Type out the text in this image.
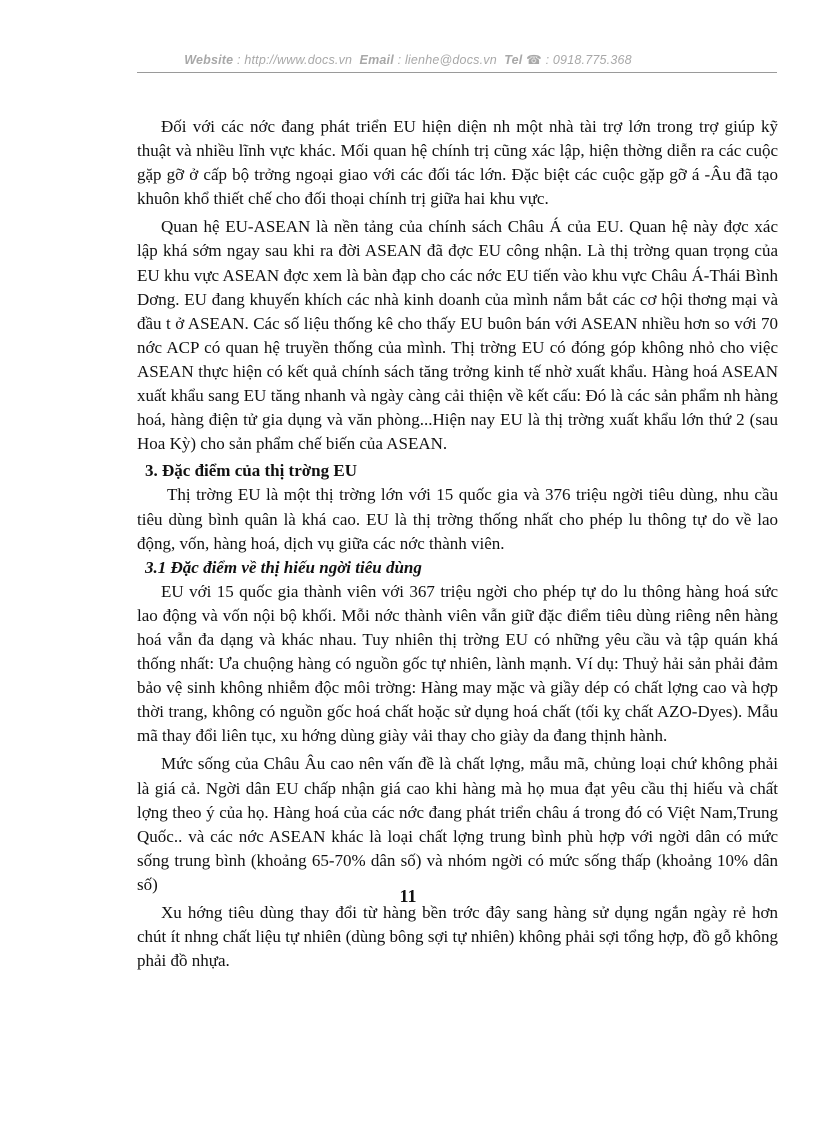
Website : http://www.docs.vn Email : lienhe@docs.vn Tel ☎ : 0918.775.368

Đối với các nớc đang phát triển EU hiện diện nh một nhà tài trợ lớn trong trợ giúp kỹ thuật và nhiều lĩnh vực khác. Mối quan hệ chính trị cũng xác lập, hiện thờng diễn ra các cuộc gặp gỡ ở cấp bộ trởng ngoại giao với các đối tác lớn. Đặc biệt các cuộc gặp gỡ á -Âu đã tạo khuôn khổ thiết chế cho đối thoại chính trị giữa hai khu vực.

Quan hệ EU-ASEAN là nền tảng của chính sách Châu Á của EU. Quan hệ này đợc xác lập khá sớm ngay sau khi ra đời ASEAN đã đợc EU công nhận. Là thị trờng quan trọng của EU khu vực ASEAN đợc xem là bàn đạp cho các nớc EU tiến vào khu vực Châu Á-Thái Bình Dơng. EU đang khuyến khích các nhà kinh doanh của mình nắm bắt các cơ hội thơng mại và đầu t ở ASEAN. Các số liệu thống kê cho thấy EU buôn bán với ASEAN nhiều hơn so với 70 nớc ACP có quan hệ truyền thống của mình. Thị trờng EU có đóng góp không nhỏ cho việc ASEAN thực hiện có kết quả chính sách tăng trởng kinh tế nhờ xuất khẩu. Hàng hoá ASEAN xuất khẩu sang EU tăng nhanh và ngày càng cải thiện về kết cấu: Đó là các sản phẩm nh hàng hoá, hàng điện tử gia dụng và văn phòng...Hiện nay EU là thị trờng xuất khẩu lớn thứ 2 (sau Hoa Kỳ) cho sản phẩm chế biến của ASEAN.

3. Đặc điểm của thị trờng EU

Thị trờng EU là một thị trờng lớn với 15 quốc gia và 376 triệu ngời tiêu dùng, nhu cầu tiêu dùng bình quân là khá cao. EU là thị trờng thống nhất cho phép lu thông tự do về lao động, vốn, hàng hoá, dịch vụ giữa các nớc thành viên.

3.1 Đặc điểm về thị hiếu ngời tiêu dùng

EU với 15 quốc gia thành viên với 367 triệu ngời cho phép tự do lu thông hàng hoá sức lao động và vốn nội bộ khối. Mỗi nớc thành viên vẫn giữ đặc điểm tiêu dùng riêng nên hàng hoá vẫn đa dạng và khác nhau. Tuy nhiên thị trờng EU có những yêu cầu và tập quán khá thống nhất: Ưa chuộng hàng có nguồn gốc tự nhiên, lành mạnh. Ví dụ: Thuỷ hải sản phải đảm bảo vệ sinh không nhiễm độc môi trờng: Hàng may mặc và giầy dép có chất lợng cao và hợp thời trang, không có nguồn gốc hoá chất hoặc sử dụng hoá chất (tối kỵ chất AZO-Dyes). Mẫu mã thay đổi liên tục, xu hớng dùng giày vải thay cho giày da đang thịnh hành.

Mức sống của Châu Âu cao nên vấn đề là chất lợng, mẫu mã, chủng loại chứ không phải là giá cả. Ngời dân EU chấp nhận giá cao khi hàng mà họ mua đạt yêu cầu thị hiếu và chất lợng theo ý của họ. Hàng hoá của các nớc đang phát triển châu á trong đó có Việt Nam,Trung Quốc.. và các nớc ASEAN khác là loại chất lợng trung bình phù hợp với ngời dân có mức sống trung bình (khoảng 65-70% dân số) và nhóm ngời có mức sống thấp (khoảng 10% dân số)

Xu hớng tiêu dùng thay đổi từ hàng bền trớc đây sang hàng sử dụng ngắn ngày rẻ hơn chút ít nhng chất liệu tự nhiên (dùng bông sợi tự nhiên) không phải sợi tổng hợp, đồ gỗ không phải đồ nhựa.

11
